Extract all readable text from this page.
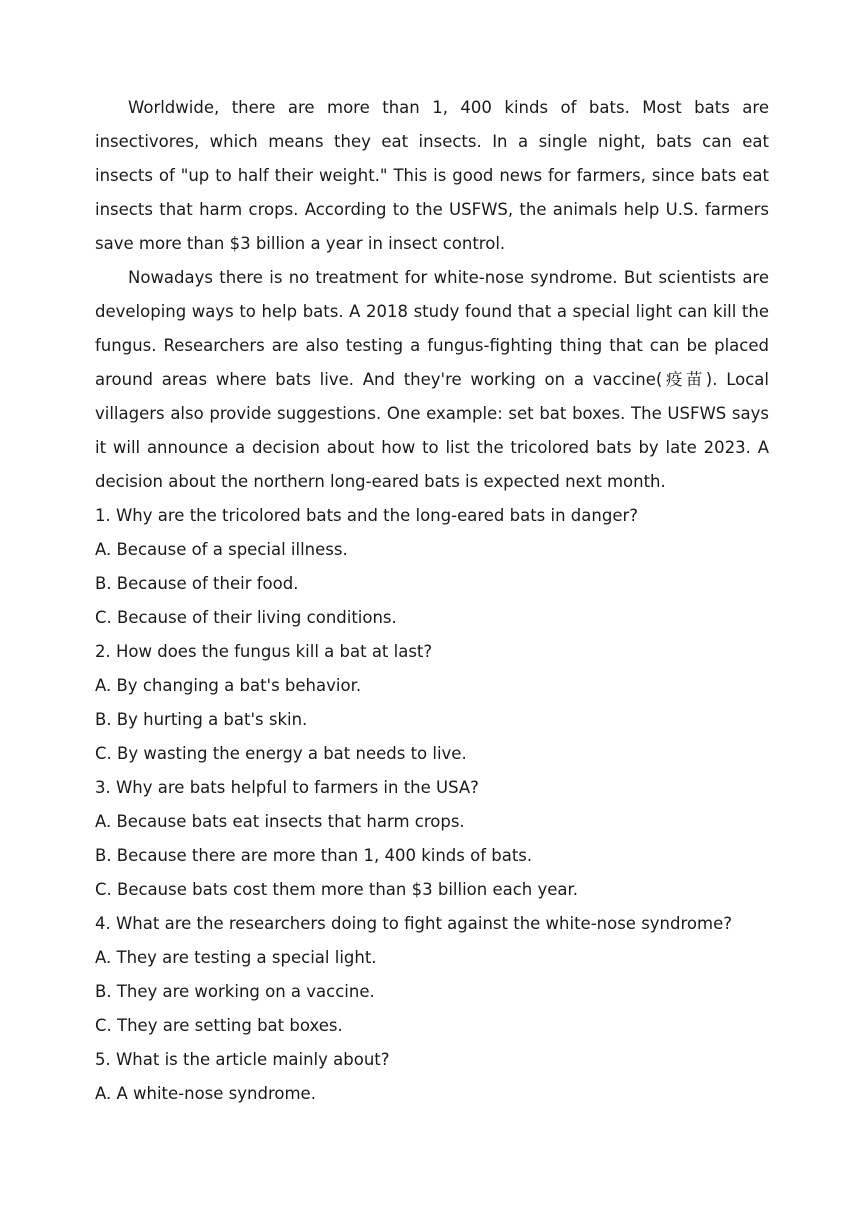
Worldwide, there are more than 1, 400 kinds of bats. Most bats are insectivores, which means they eat insects. In a single night, bats can eat insects of "up to half their weight." This is good news for farmers, since bats eat insects that harm crops. According to the USFWS, the animals help U.S. farmers save more than $3 billion a year in insect control.

Nowadays there is no treatment for white-nose syndrome. But scientists are developing ways to help bats. A 2018 study found that a special light can kill the fungus. Researchers are also testing a fungus-fighting thing that can be placed around areas where bats live. And they're working on a vaccine(疫苗). Local villagers also provide suggestions. One example: set bat boxes. The USFWS says it will announce a decision about how to list the tricolored bats by late 2023. A decision about the northern long-eared bats is expected next month.

1. Why are the tricolored bats and the long-eared bats in danger?

A. Because of a special illness.

B. Because of their food.

C. Because of their living conditions.

2. How does the fungus kill a bat at last?

A. By changing a bat's behavior.

B. By hurting a bat's skin.

C. By wasting the energy a bat needs to live.

3. Why are bats helpful to farmers in the USA?

A. Because bats eat insects that harm crops.

B. Because there are more than 1, 400 kinds of bats.

C. Because bats cost them more than $3 billion each year.

4. What are the researchers doing to fight against the white-nose syndrome?

A. They are testing a special light.

B. They are working on a vaccine.

C. They are setting bat boxes.

5. What is the article mainly about?

A. A white-nose syndrome.
